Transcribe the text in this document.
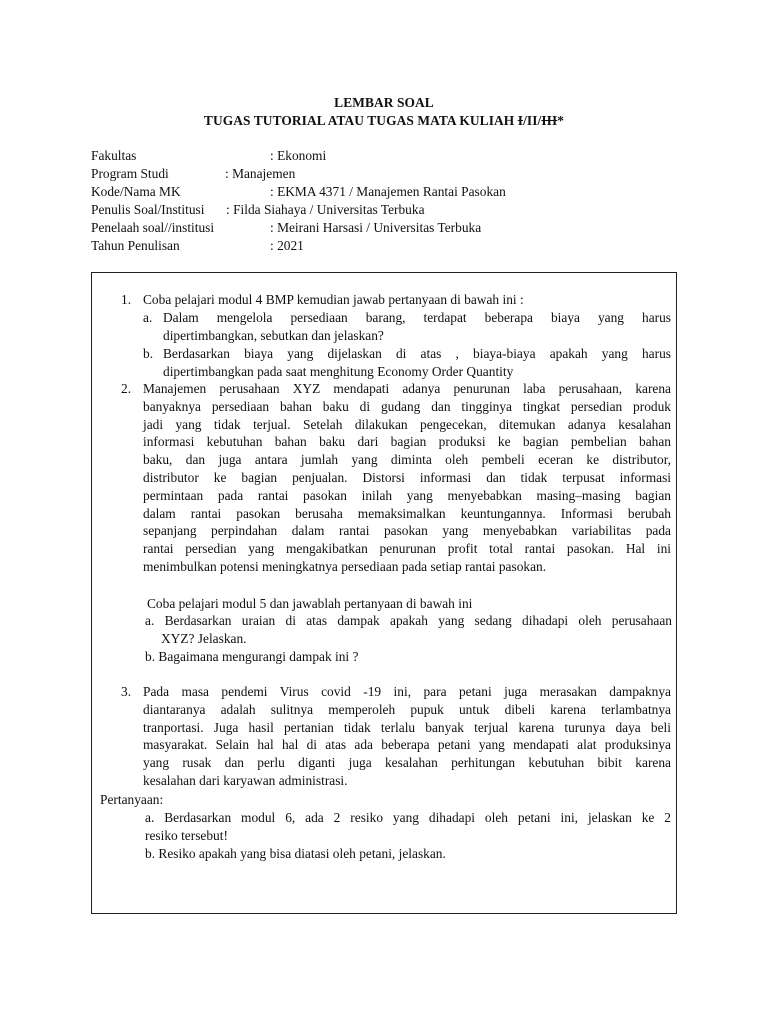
LEMBAR SOAL
TUGAS TUTORIAL ATAU TUGAS MATA KULIAH I/II/III*
Fakultas	: Ekonomi
Program Studi	: Manajemen
Kode/Nama MK	: EKMA 4371 / Manajemen Rantai Pasokan
Penulis Soal/Institusi : Filda Siahaya / Universitas Terbuka
Penelaah soal//institusi	: Meirani Harsasi / Universitas Terbuka
Tahun Penulisan	: 2021
1. Coba pelajari modul 4 BMP kemudian jawab pertanyaan di bawah ini :
a. Dalam mengelola persediaan barang, terdapat beberapa biaya yang harus
dipertimbangkan, sebutkan dan jelaskan?
b. Berdasarkan biaya yang dijelaskan di atas , biaya-biaya apakah yang harus
dipertimbangkan pada saat menghitung Economy Order Quantity
2. Manajemen perusahaan XYZ mendapati adanya penurunan laba perusahaan, karena
banyaknya persediaan bahan baku di gudang dan tingginya tingkat persedian produk
jadi yang tidak terjual. Setelah dilakukan pengecekan, ditemukan adanya kesalahan
informasi kebutuhan bahan baku dari bagian produksi ke bagian pembelian bahan
baku, dan juga antara jumlah yang diminta oleh pembeli eceran ke distributor,
distributor ke bagian penjualan. Distorsi informasi dan tidak terpusat informasi
permintaan pada rantai pasokan inilah yang menyebabkan masing–masing bagian
dalam rantai pasokan berusaha memaksimalkan keuntungannya. Informasi berubah
sepanjang perpindahan dalam rantai pasokan yang menyebabkan variabilitas pada
rantai persedian yang mengakibatkan penurunan profit total rantai pasokan. Hal ini
menimbulkan potensi meningkatnya persediaan pada setiap rantai pasokan.
Coba pelajari modul 5 dan jawablah pertanyaan di bawah ini
a. Berdasarkan uraian di atas dampak apakah yang sedang dihadapi oleh perusahaan
XYZ? Jelaskan.
b. Bagaimana mengurangi dampak ini ?
3. Pada masa pendemi Virus covid -19 ini, para petani juga merasakan dampaknya
diantaranya adalah sulitnya memperoleh pupuk untuk dibeli karena terlambatnya
tranportasi. Juga hasil pertanian tidak terlalu banyak terjual karena turunya daya beli
masyarakat. Selain hal hal di atas ada beberapa petani yang mendapati alat produksinya
yang rusak dan perlu diganti juga kesalahan perhitungan kebutuhan bibit karena
kesalahan dari karyawan administrasi.
Pertanyaan:
a. Berdasarkan modul 6, ada 2 resiko yang dihadapi oleh petani ini, jelaskan ke 2
resiko tersebut!
b. Resiko apakah yang bisa diatasi oleh petani, jelaskan.
